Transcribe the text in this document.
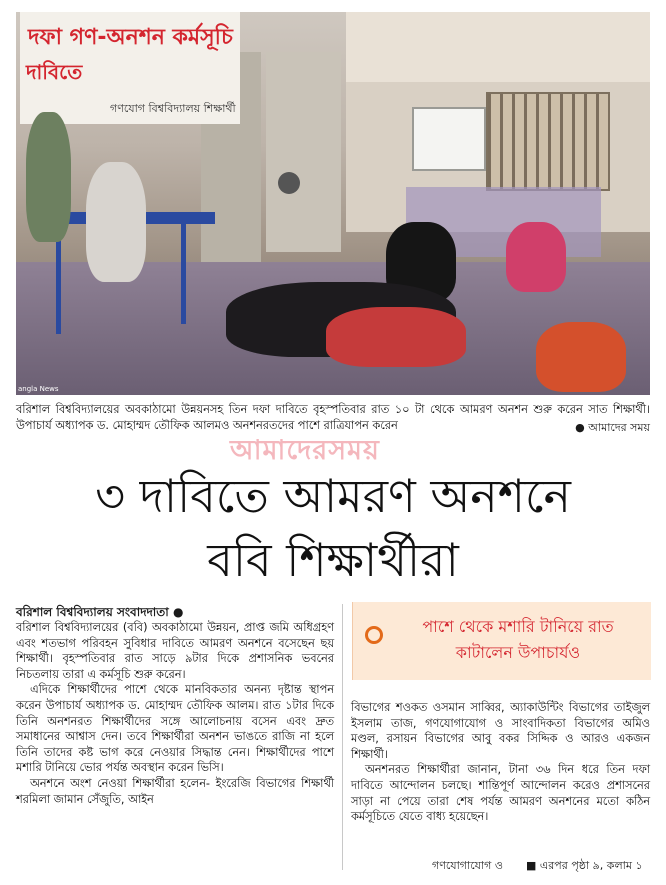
দফা গণ-অনশন কর্মসূচি
দাবিতে
গণযোগ বিশ্ববিদ্যালয় শিক্ষার্থী
angla News
বরিশাল বিশ্ববিদ্যালয়ের অবকাঠামো উন্নয়নসহ তিন দফা দাবিতে বৃহস্পতিবার রাত ১০ টা থেকে আমরণ অনশন শুরু করেন সাত শিক্ষার্থী। উপাচার্য অধ্যাপক ড. মোহাম্মদ তৌফিক আলমও অনশনরতদের পাশে রাত্রিযাপন করেন	● আমাদের সময়
আমাদেরসময়
৩ দাবিতে আমরণ অনশনে
ববি শিক্ষার্থীরা
বরিশাল বিশ্ববিদ্যালয় সংবাদদাতা ●

বরিশাল বিশ্ববিদ্যালয়ের (ববি) অবকাঠামো উন্নয়ন, প্রাপ্ত জমি অধিগ্রহণ এবং শতভাগ পরিবহন সুবিধার দাবিতে আমরণ অনশনে বসেছেন ছয় শিক্ষার্থী। বৃহস্পতিবার রাত সাড়ে ৯টার দিকে প্রশাসনিক ভবনের নিচতলায় তারা এ কর্মসূচি শুরু করেন।

এদিকে শিক্ষার্থীদের পাশে থেকে মানবিকতার অনন্য দৃষ্টান্ত স্থাপন করেন উপাচার্য অধ্যাপক ড. মোহাম্মদ তৌফিক আলম। রাত ১টার দিকে তিনি অনশনরত শিক্ষার্থীদের সঙ্গে আলোচনায় বসেন এবং দ্রুত সমাধানের আশ্বাস দেন। তবে শিক্ষার্থীরা অনশন ভাঙতে রাজি না হলে তিনি তাদের কষ্ট ভাগ করে নেওয়ার সিদ্ধান্ত নেন। শিক্ষার্থীদের পাশে মশারি টানিয়ে ভোর পর্যন্ত অবস্থান করেন ভিসি।

অনশনে অংশ নেওয়া শিক্ষার্থীরা হলেন- ইংরেজি বিভাগের শিক্ষার্থী শরমিলা জামান সেঁজুতি, আইন

পাশে থেকে মশারি টানিয়ে রাত কাটালেন উপাচার্যও

বিভাগের শওকত ওসমান সাব্বির, অ্যাকাউন্টিং বিভাগের তাইজুল ইসলাম তাজ, গণযোগাযোগ ও সাংবাদিকতা বিভাগের অমিও মণ্ডল, রসায়ন বিভাগের আবু বকর সিদ্দিক ও আরও একজন শিক্ষার্থী।

অনশনরত শিক্ষার্থীরা জানান, টানা ৩৬ দিন ধরে তিন দফা দাবিতে আন্দোলন চলছে। শান্তিপূর্ণ আন্দোলন করেও প্রশাসনের সাড়া না পেয়ে তারা শেষ পর্যন্ত আমরণ অনশনের মতো কঠিন কর্মসূচিতে যেতে বাধ্য হয়েছেন।

গণযোগাযোগ ও ■ এরপর পৃষ্ঠা ৯, কলাম ১
